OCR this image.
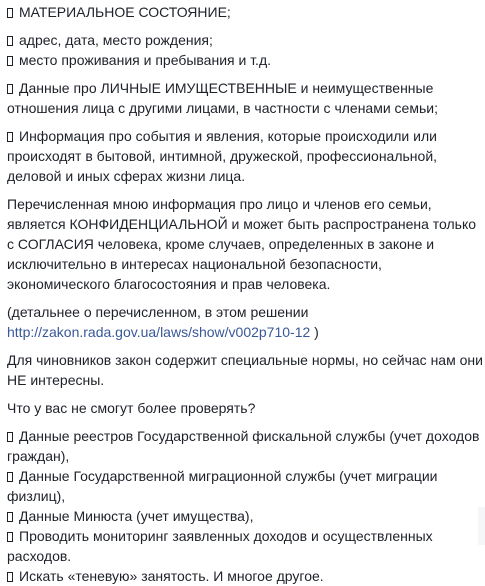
МАТЕРИАЛЬНОЕ СОСТОЯНИЕ;

адрес, дата, место рождения;
место проживания и пребывания и т.д.

Данные про ЛИЧНЫЕ ИМУЩЕСТВЕННЫЕ и неимущественные
отношения лица с другими лицами, в частности с членами семьи;

Информация про события и явления, которые происходили или
происходят в бытовой, интимной, дружеской, профессиональной,
деловой и иных сферах жизни лица.

Перечисленная мною информация про лицо и членов его семьи,
является КОНФИДЕНЦИАЛЬНОЙ и может быть распространена только
с СОГЛАСИЯ человека, кроме случаев, определенных в законе и
исключительно в интересах национальной безопасности,
экономического благосостояния и прав человека.

(детальнее о перечисленном, в этом решении
http://zakon.rada.gov.ua/laws/show/v002p710-12 )

Для чиновников закон содержит специальные нормы, но сейчас нам они
НЕ интересны.

Что у вас не смогут более проверять?

Данные реестров Государственной фискальной службы (учет доходов
граждан),
Данные Государственной миграционной службы (учет миграции
физлиц),
Данные Минюста (учет имущества),
Проводить мониторинг заявленных доходов и осуществленных
расходов.
Искать «теневую» занятость. И многое другое.
